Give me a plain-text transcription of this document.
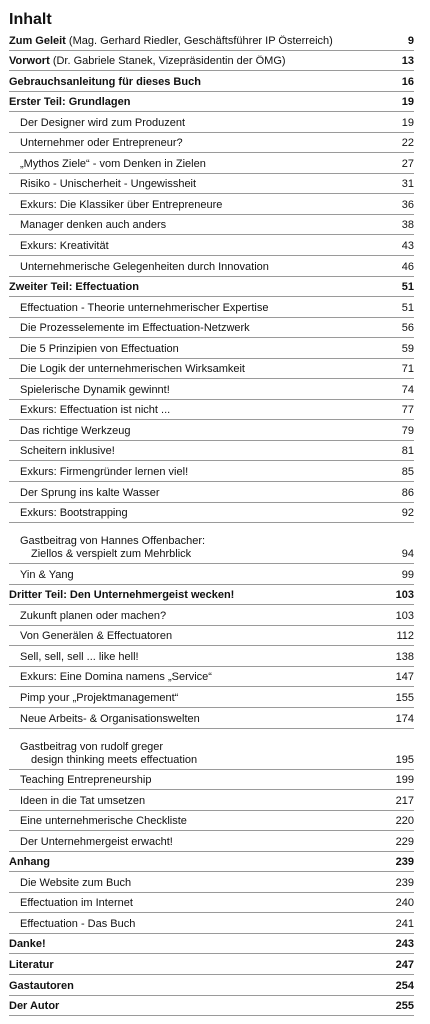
Inhalt
Zum Geleit (Mag. Gerhard Riedler, Geschäftsführer IP Österreich)	9
Vorwort (Dr. Gabriele Stanek, Vizepräsidentin der ÖMG)	13
Gebrauchsanleitung für dieses Buch	16
Erster Teil: Grundlagen	19
Der Designer wird zum Produzent	19
Unternehmer oder Entrepreneur?	22
„Mythos Ziele“ - vom Denken in Zielen	27
Risiko - Unischerheit - Ungewissheit	31
Exkurs: Die Klassiker über Entrepreneure	36
Manager denken auch anders	38
Exkurs: Kreativität	43
Unternehmerische Gelegenheiten durch Innovation	46
Zweiter Teil: Effectuation	51
Effectuation - Theorie unternehmerischer Expertise	51
Die Prozesselemente im Effectuation-Netzwerk	56
Die 5 Prinzipien von Effectuation	59
Die Logik der unternehmerischen Wirksamkeit	71
Spielerische Dynamik gewinnt!	74
Exkurs: Effectuation ist nicht ...	77
Das richtige Werkzeug	79
Scheitern inklusive!	81
Exkurs: Firmengründer lernen viel!	85
Der Sprung ins kalte Wasser	86
Exkurs: Bootstrapping	92
Gastbeitrag von Hannes Offenbacher:
Ziellos & verspielt zum Mehrblick	94
Yin & Yang	99
Dritter Teil: Den Unternehmergeist wecken!	103
Zukunft planen oder machen?	103
Von Generälen & Effectuatoren	112
Sell, sell, sell ... like hell!	138
Exkurs: Eine Domina namens „Service“	147
Pimp your „Projektmanagement“	155
Neue Arbeits- & Organisationswelten	174
Gastbeitrag von rudolf greger
design thinking meets effectuation	195
Teaching Entrepreneurship	199
Ideen in die Tat umsetzen	217
Eine unternehmerische Checkliste	220
Der Unternehmergeist erwacht!	229
Anhang	239
Die Website zum Buch	239
Effectuation im Internet	240
Effectuation - Das Buch	241
Danke!	243
Literatur	247
Gastautoren	254
Der Autor	255
